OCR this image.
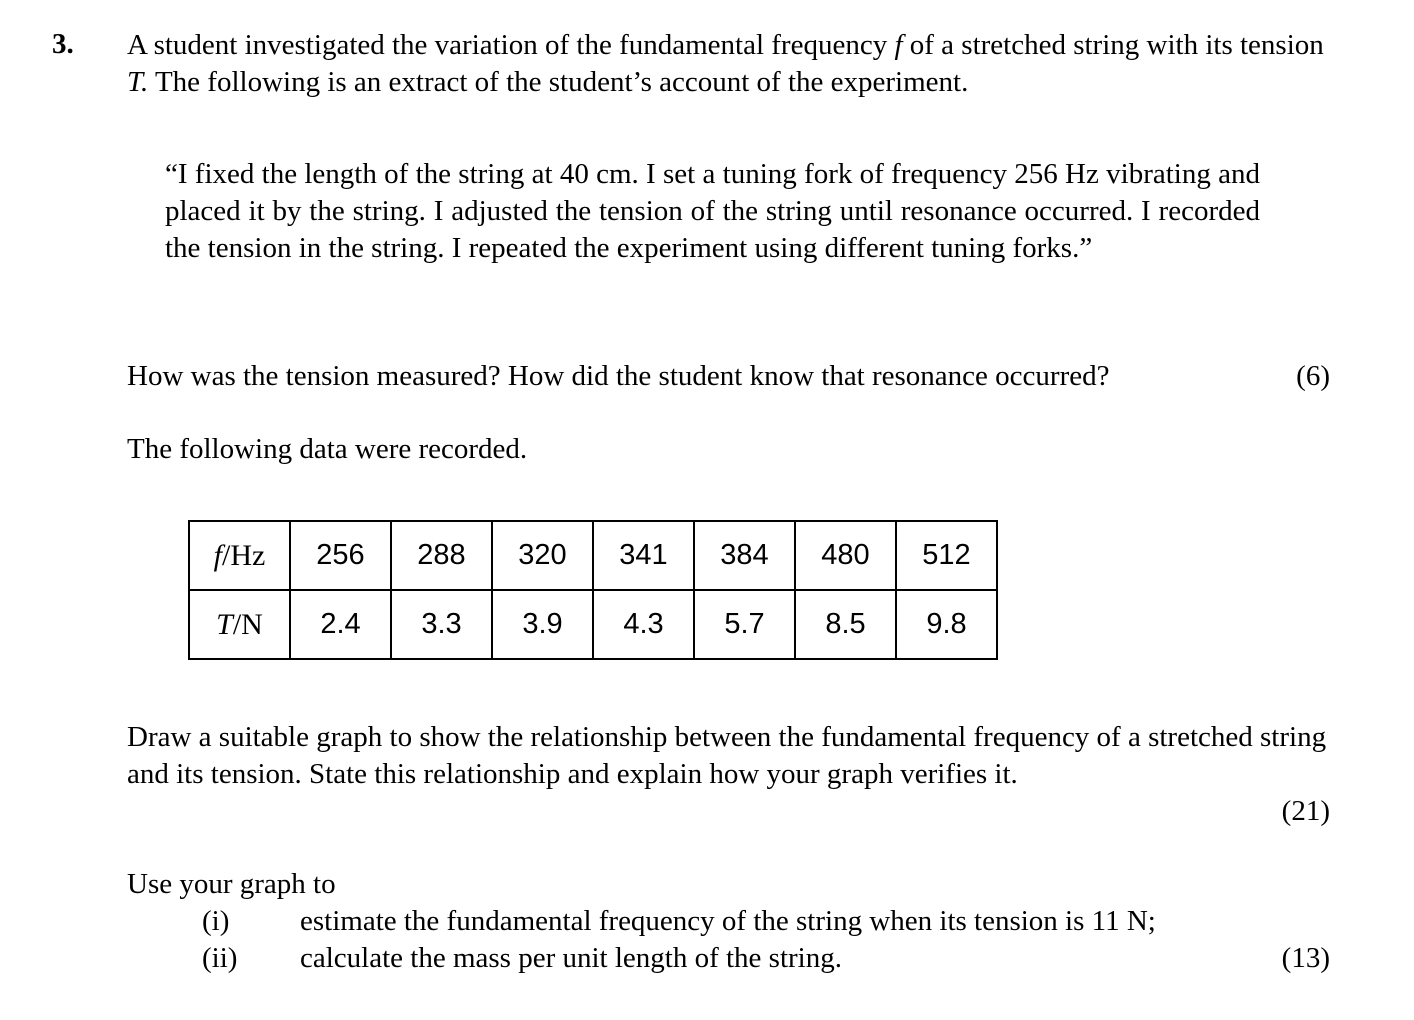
3. A student investigated the variation of the fundamental frequency f of a stretched string with its tension T. The following is an extract of the student’s account of the experiment.
“I fixed the length of the string at 40 cm. I set a tuning fork of frequency 256 Hz vibrating and placed it by the string. I adjusted the tension of the string until resonance occurred. I recorded the tension in the string. I repeated the experiment using different tuning forks.”
How was the tension measured? How did the student know that resonance occurred?	(6)
The following data were recorded.
f/Hz	256	288	320	341	384	480	512
T/N	2.4	3.3	3.9	4.3	5.7	8.5	9.8
Draw a suitable graph to show the relationship between the fundamental frequency of a stretched string and its tension. State this relationship and explain how your graph verifies it.
(21)
Use your graph to
(i) estimate the fundamental frequency of the string when its tension is 11 N;
(ii) calculate the mass per unit length of the string.	(13)
